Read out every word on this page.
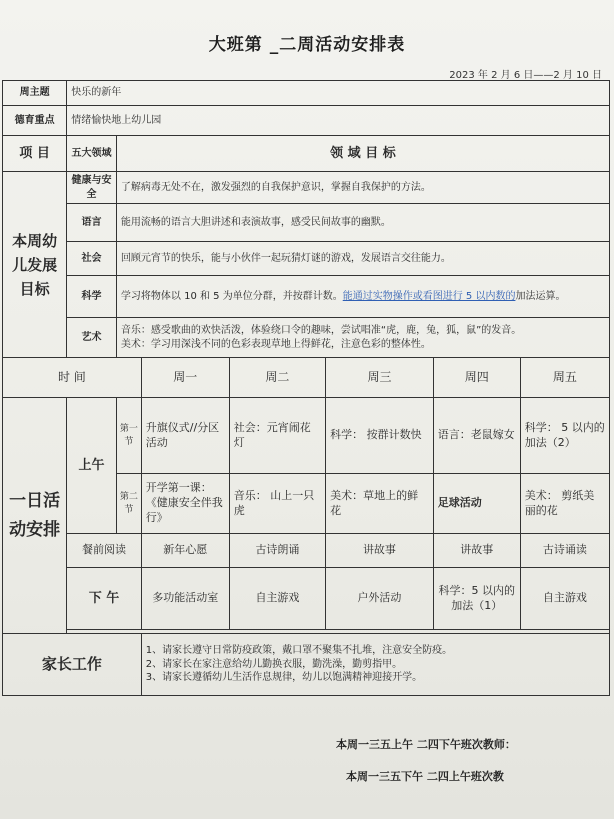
大班第 _二周活动安排表
2023 年 2 月 6 日——2 月 10 日
周主题	快乐的新年						
德育重点	情绪愉快地上幼儿园						
项 目	五大领域	领 域 目 标					
本周幼儿发展目标	健康与安全	了解病毒无处不在，激发强烈的自我保护意识，掌握自我保护的方法。					
	语言	能用流畅的语言大胆讲述和表演故事，感受民间故事的幽默。					
	社会	回顾元宵节的快乐，能与小伙伴一起玩猜灯谜的游戏，发展语言交往能力。					
	科学	学习将物体以 10 和 5 为单位分群，并按群计数。能通过实物操作或看图进行 5 以内数的加法运算。					
	艺术	音乐：感受歌曲的欢快活泼，体验绕口令的趣味，尝试唱准“虎，鹿，兔，狐，鼠”的发音。
美术：学习用深浅不同的色彩表现草地上得鲜花，注意色彩的整体性。					

时 间			周一	周二	周三	周四	周五
一日活动安排	上午	第一节	升旗仪式//分区活动	社会：元宵闹花灯	科学： 按群计数快	语言：老鼠嫁女	科学： 5 以内的加法（2）
		第二节	开学第一课：《健康安全伴我行》	音乐： 山上一只虎	美术：草地上的鲜花	足球活动	美术： 剪纸美丽的花
	餐前阅读		新年心愿	古诗朗诵	讲故事	讲故事	古诗诵读
	下 午		多功能活动室	自主游戏	户外活动	科学：5 以内的加法（1）	自主游戏

家长工作			1、请家长遵守日常防疫政策，戴口罩不聚集不扎堆，注意安全防疫。
2、请家长在家注意给幼儿勤换衣服，勤洗澡，勤剪指甲。
3、请家长遵循幼儿生活作息规律，幼儿以饱满精神迎接开学。				
本周一三五上午 二四下午班次教师：
本周一三五下午 二四上午班次教
